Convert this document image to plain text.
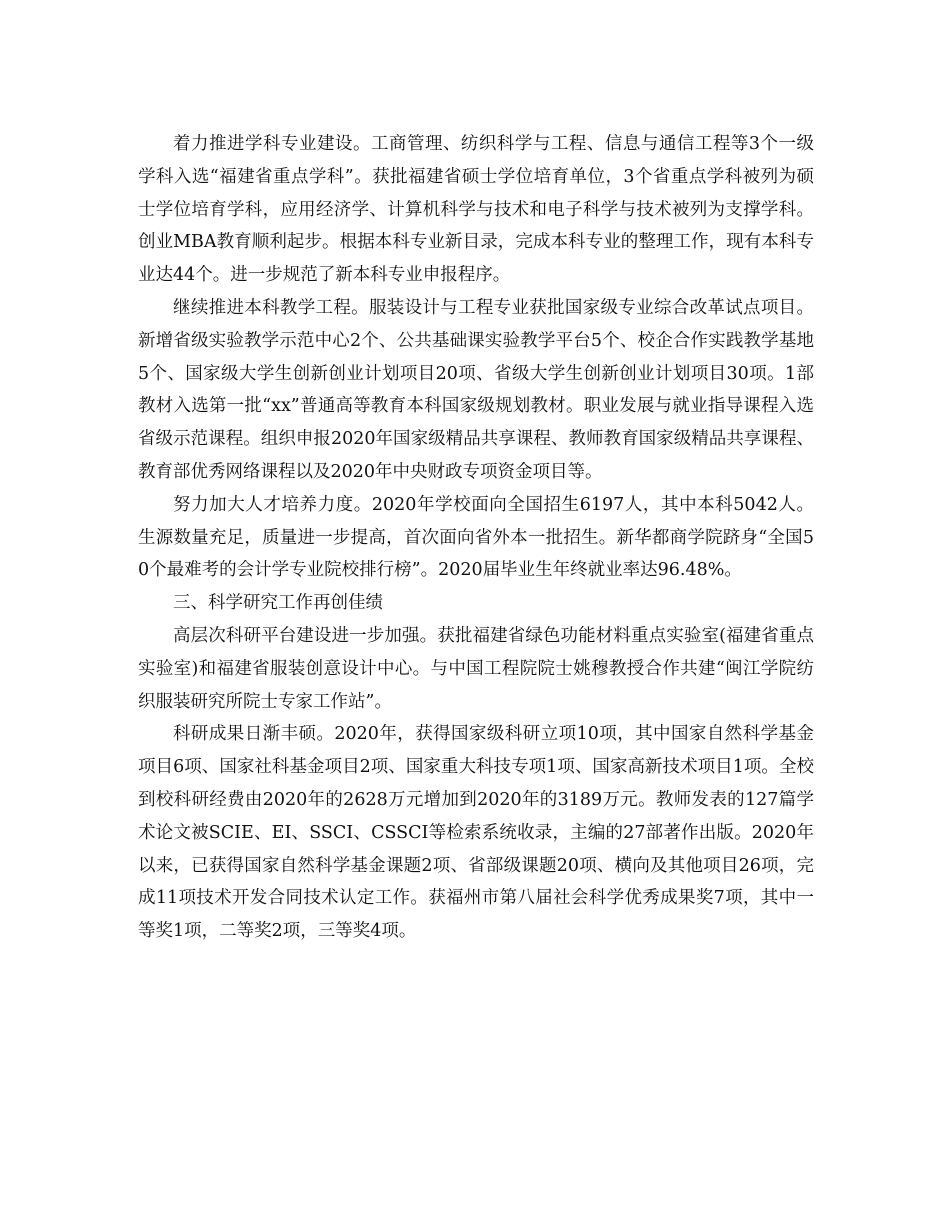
着力推进学科专业建设。工商管理、纺织科学与工程、信息与通信工程等3个一级学科入选“福建省重点学科”。获批福建省硕士学位培育单位，3个省重点学科被列为硕士学位培育学科，应用经济学、计算机科学与技术和电子科学与技术被列为支撑学科。创业MBA教育顺利起步。根据本科专业新目录，完成本科专业的整理工作，现有本科专业达44个。进一步规范了新本科专业申报程序。

继续推进本科教学工程。服装设计与工程专业获批国家级专业综合改革试点项目。新增省级实验教学示范中心2个、公共基础课实验教学平台5个、校企合作实践教学基地5个、国家级大学生创新创业计划项目20项、省级大学生创新创业计划项目30项。1部教材入选第一批“xx”普通高等教育本科国家级规划教材。职业发展与就业指导课程入选省级示范课程。组织申报2020年国家级精品共享课程、教师教育国家级精品共享课程、教育部优秀网络课程以及2020年中央财政专项资金项目等。

努力加大人才培养力度。2020年学校面向全国招生6197人，其中本科5042人。生源数量充足，质量进一步提高，首次面向省外本一批招生。新华都商学院跻身“全国50个最难考的会计学专业院校排行榜”。2020届毕业生年终就业率达96.48%。

三、科学研究工作再创佳绩

高层次科研平台建设进一步加强。获批福建省绿色功能材料重点实验室(福建省重点实验室)和福建省服装创意设计中心。与中国工程院院士姚穆教授合作共建“闽江学院纺织服装研究所院士专家工作站”。

科研成果日渐丰硕。2020年，获得国家级科研立项10项，其中国家自然科学基金项目6项、国家社科基金项目2项、国家重大科技专项1项、国家高新技术项目1项。全校到校科研经费由2020年的2628万元增加到2020年的3189万元。教师发表的127篇学术论文被SCIE、EI、SSCI、CSSCI等检索系统收录，主编的27部著作出版。2020年以来，已获得国家自然科学基金课题2项、省部级课题20项、横向及其他项目26项，完成11项技术开发合同技术认定工作。获福州市第八届社会科学优秀成果奖7项，其中一等奖1项，二等奖2项，三等奖4项。
